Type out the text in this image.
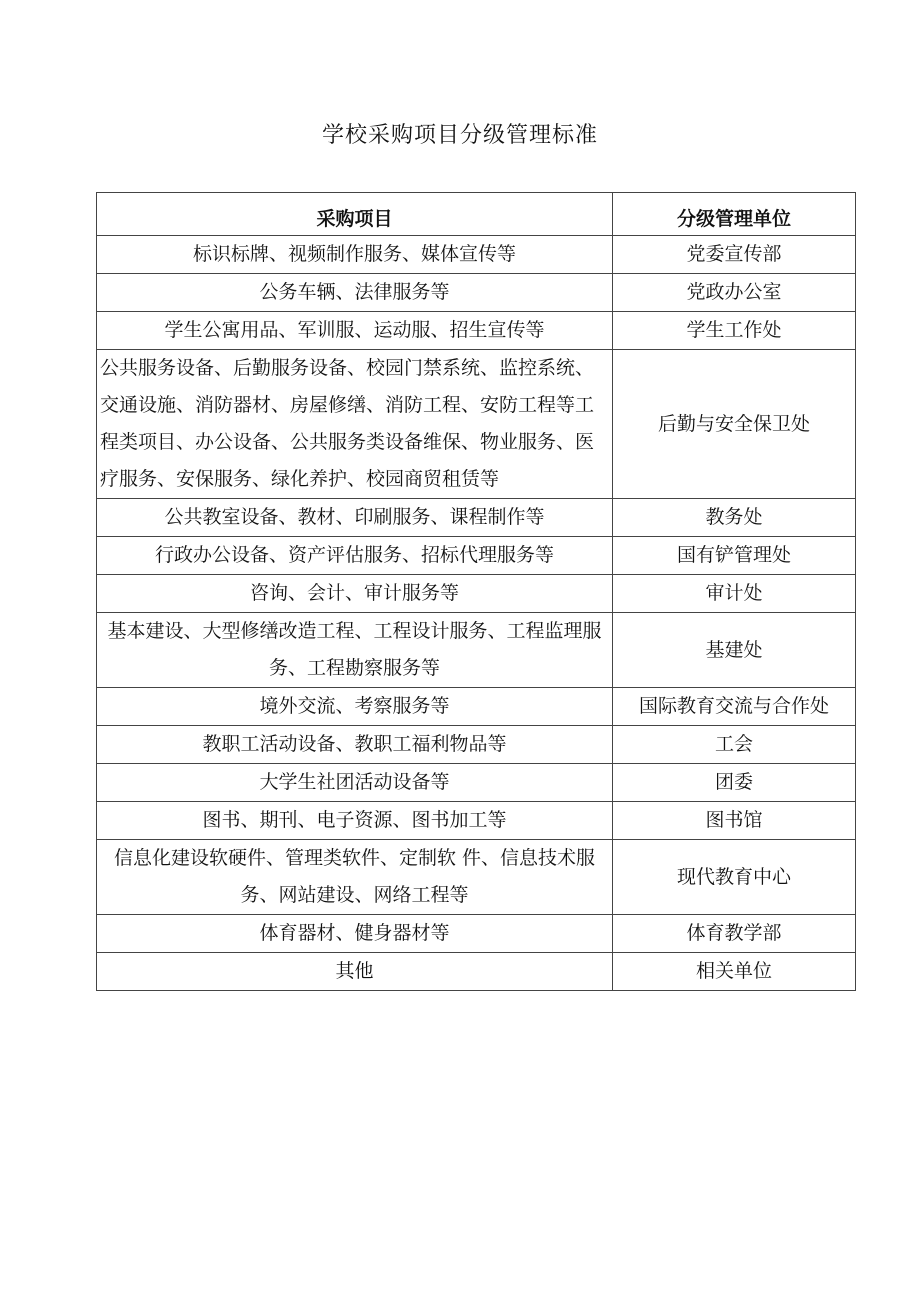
学校采购项目分级管理标准
采购项目	分级管理单位
标识标牌、视频制作服务、媒体宣传等	党委宣传部
公务车辆、法律服务等	党政办公室
学生公寓用品、军训服、运动服、招生宣传等	学生工作处
公共服务设备、后勤服务设备、校园门禁系统、监控系统、交通设施、消防器材、房屋修缮、消防工程、安防工程等工程类项目、办公设备、公共服务类设备维保、物业服务、医疗服务、安保服务、绿化养护、校园商贸租赁等	后勤与安全保卫处
公共教室设备、教材、印刷服务、课程制作等	教务处
行政办公设备、资产评估服务、招标代理服务等	国有铲管理处
咨询、会计、审计服务等	审计处
基本建设、大型修缮改造工程、工程设计服务、工程监理服务、工程勘察服务等	基建处
境外交流、考察服务等	国际教育交流与合作处
教职工活动设备、教职工福利物品等	工会
大学生社团活动设备等	团委
图书、期刊、电子资源、图书加工等	图书馆
信息化建设软硬件、管理类软件、定制软 件、信息技术服务、网站建设、网络工程等	现代教育中心
体育器材、健身器材等	体育教学部
其他	相关单位
